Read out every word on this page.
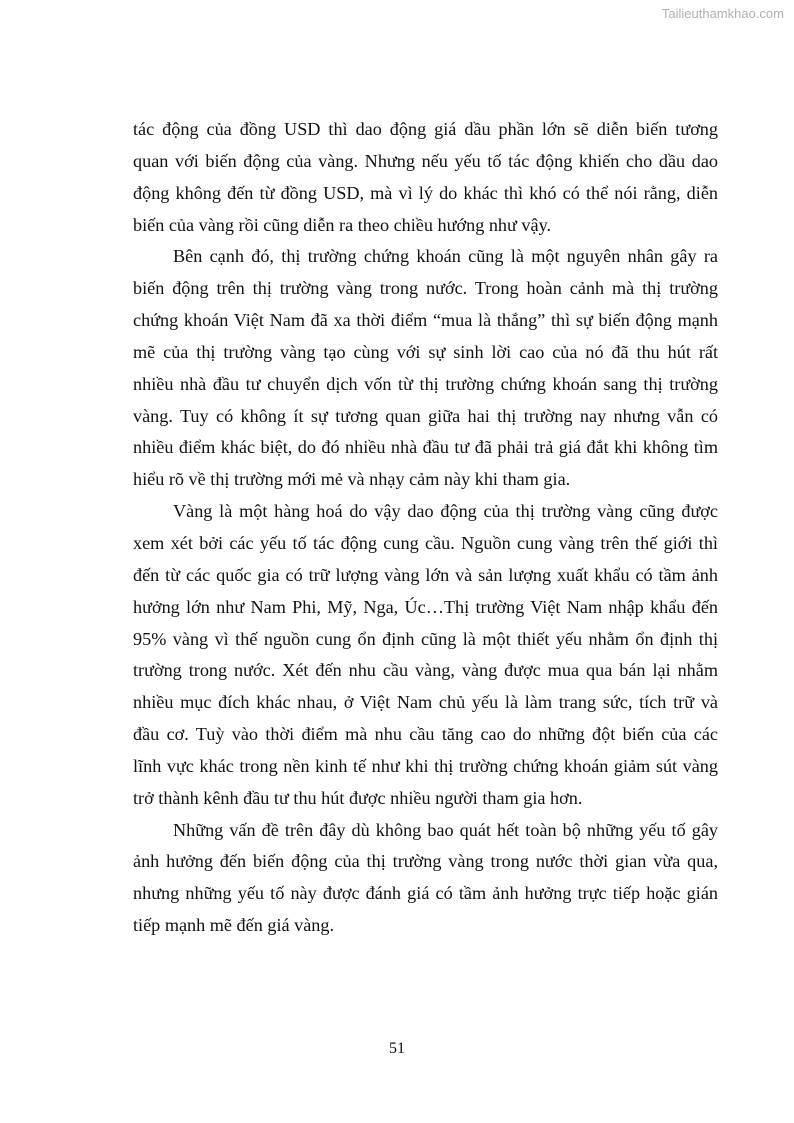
Tailieuthamkhao.com
tác động của đồng USD thì dao động giá dầu phần lớn sẽ diễn biến tương
quan với biến động của vàng. Nhưng nếu yếu tố tác động khiến cho dầu dao
động không đến từ đồng USD, mà vì lý do khác thì khó có thể nói rằng, diễn
biến của vàng rồi cũng diễn ra theo chiều hướng như vậy.
Bên cạnh đó, thị trường chứng khoán cũng là một nguyên nhân gây ra
biến động trên thị trường vàng trong nước. Trong hoàn cảnh mà thị trường
chứng khoán Việt Nam đã xa thời điểm “mua là thắng” thì sự biến động mạnh
mẽ của thị trường vàng tạo cùng với sự sinh lời cao của nó đã thu hút rất
nhiều nhà đầu tư chuyển dịch vốn từ thị trường chứng khoán sang thị trường
vàng. Tuy có không ít sự tương quan giữa hai thị trường nay nhưng vẫn có
nhiều điểm khác biệt, do đó nhiều nhà đầu tư đã phải trả giá đắt khi không tìm
hiểu rõ về thị trường mới mẻ và nhạy cảm này khi tham gia.
Vàng là một hàng hoá do vậy dao động của thị trường vàng cũng được
xem xét bởi các yếu tố tác động cung cầu. Nguồn cung vàng trên thế giới thì
đến từ các quốc gia có trữ lượng vàng lớn và sản lượng xuất khẩu có tầm ảnh
hưởng lớn như Nam Phi, Mỹ, Nga, Úc…Thị trường Việt Nam nhập khẩu đến
95% vàng vì thế nguồn cung ổn định cũng là một thiết yếu nhằm ổn định thị
trường trong nước. Xét đến nhu cầu vàng, vàng được mua qua bán lại nhằm
nhiều mục đích khác nhau, ở Việt Nam chủ yếu là làm trang sức, tích trữ và
đầu cơ. Tuỳ vào thời điểm mà nhu cầu tăng cao do những đột biến của các
lĩnh vực khác trong nền kinh tế như khi thị trường chứng khoán giảm sút vàng
trở thành kênh đầu tư thu hút được nhiều người tham gia hơn.
Những vấn đề trên đây dù không bao quát hết toàn bộ những yếu tố gây
ảnh hưởng đến biến động của thị trường vàng trong nước thời gian vừa qua,
nhưng những yếu tố này được đánh giá có tầm ảnh hưởng trực tiếp hoặc gián
tiếp mạnh mẽ đến giá vàng.
51
